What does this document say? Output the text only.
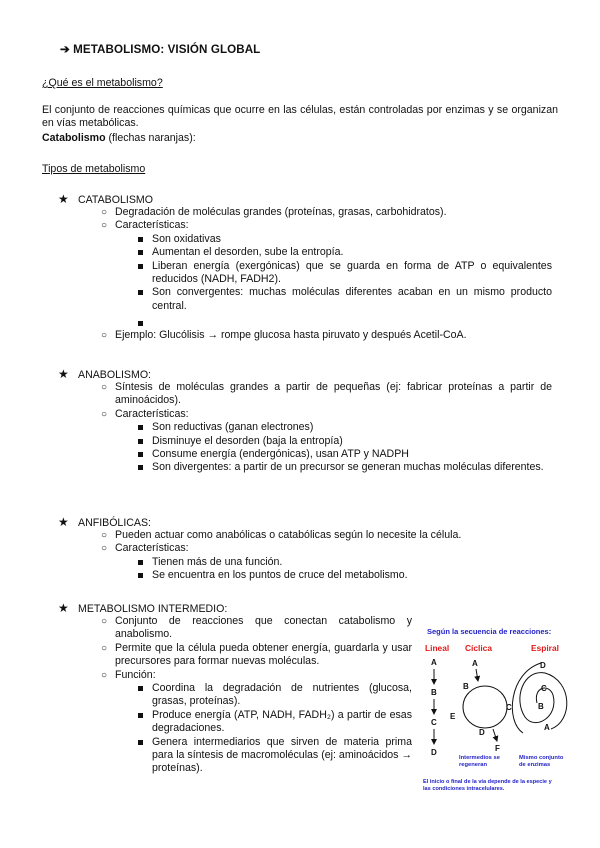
➔ METABOLISMO: VISIÓN GLOBAL
¿Qué es el metabolismo?

El conjunto de reacciones químicas que ocurre en las células, están controladas por enzimas y se organizan en vías metabólicas.

Catabolismo (flechas naranjas):
Tipos de metabolismo
★ CATABOLISMO
○ Degradación de moléculas grandes (proteínas, grasas, carbohidratos).
○ Características:
Son oxidativas
Aumentan el desorden, sube la entropía.
Liberan energía (exergónicas) que se guarda en forma de ATP o equivalentes reducidos (NADH, FADH2).
Son convergentes: muchas moléculas diferentes acaban en un mismo producto central.
○ Ejemplo: Glucólisis → rompe glucosa hasta piruvato y después Acetil-CoA.
★ ANABOLISMO:
○ Síntesis de moléculas grandes a partir de pequeñas (ej: fabricar proteínas a partir de aminoácidos).
○ Características:
Son reductivas (ganan electrones)
Disminuye el desorden (baja la entropía)
Consume energía (endergónicas), usan ATP y NADPH
Son divergentes: a partir de un precursor se generan muchas moléculas diferentes.
★ ANFIBÓLICAS:
○ Pueden actuar como anabólicas o catabólicas según lo necesite la célula.
○ Características:
Tienen más de una función.
Se encuentra en los puntos de cruce del metabolismo.
★ METABOLISMO INTERMEDIO:
○ Conjunto de reacciones que conectan catabolismo y anabolismo.
○ Permite que la célula pueda obtener energía, guardarla y usar precursores para formar nuevas moléculas.
○ Función:
Coordina la degradación de nutrientes (glucosa, grasas, proteínas).
Produce energía (ATP, NADH, FADH₂) a partir de esas degradaciones.
Genera intermediarios que sirven de materia prima para la síntesis de macromoléculas (ej: aminoácidos → proteínas).
Según la secuencia de reacciones:
Lineal
A
B
C
D
Cíclica
A
B
C
D
E
F
Intermedios se regeneran
Espiral
D
C
B
A
Mismo conjunto de enzimas
El inicio o final de la vía depende de la especie y las condiciones intracelulares.
